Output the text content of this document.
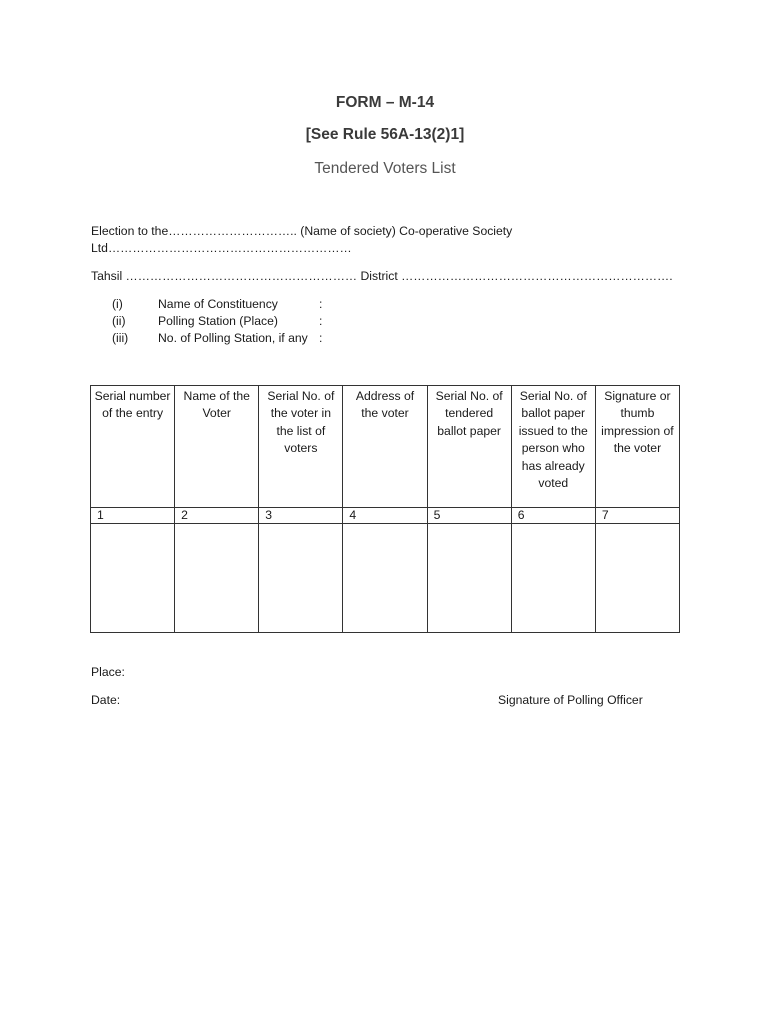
FORM – M-14
[See Rule 56A-13(2)1]
Tendered Voters List
Election to the………………………….. (Name of society) Co-operative Society
Ltd……………………………………………………
Tahsil ………………………………………………… District ………………………………………………………….
(i)	Name of Constituency	:
(ii)	Polling Station (Place)	:
(iii) No. of Polling Station, if any :
Serial number of the entry	Name of the Voter	Serial No. of the voter in the list of voters	Address of the voter	Serial No. of tendered ballot paper	Serial No. of ballot paper issued to the person who has already voted	Signature or thumb impression of the voter
1	2	3	4	5	6	7

Place:
Date:	Signature of Polling Officer
